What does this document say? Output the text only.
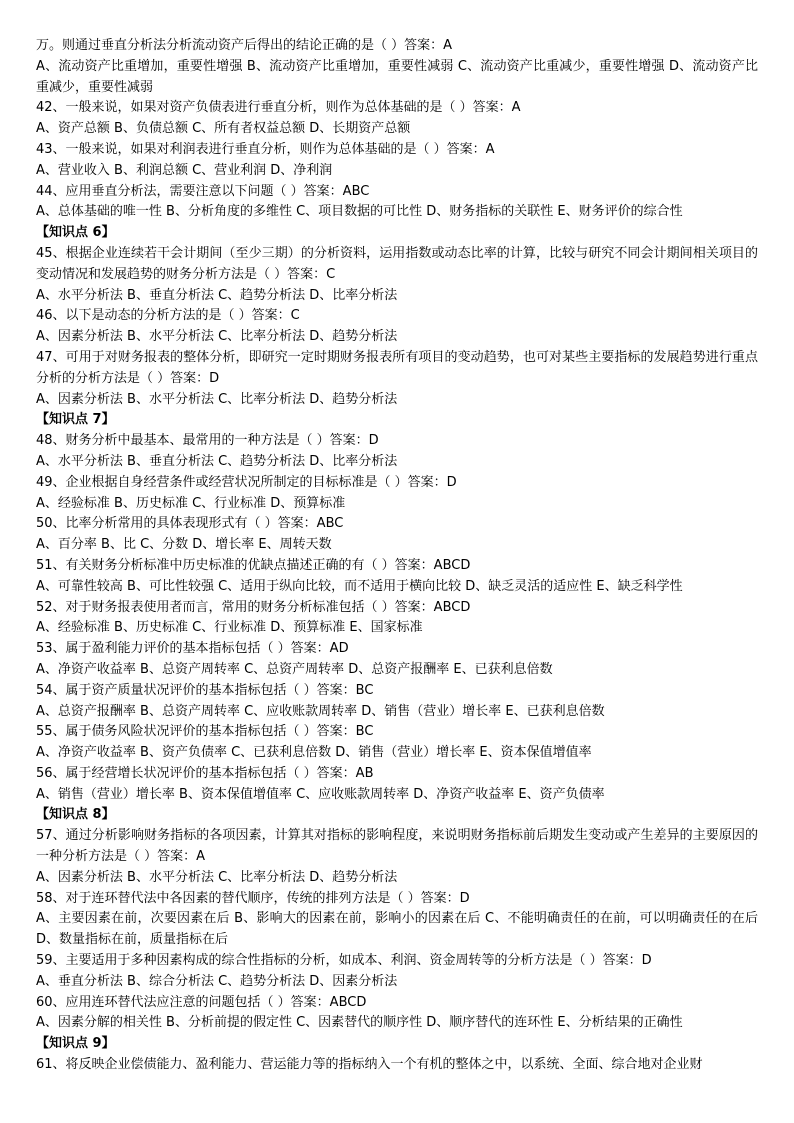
万。则通过垂直分析法分析流动资产后得出的结论正确的是（ ）答案：A
A、流动资产比重增加，重要性增强 B、流动资产比重增加，重要性减弱 C、流动资产比重减少，重要性增强 D、流动资产比重减少，重要性减弱
42、一般来说，如果对资产负债表进行垂直分析，则作为总体基础的是（ ）答案：A
A、资产总额 B、负债总额 C、所有者权益总额 D、长期资产总额
43、一般来说，如果对利润表进行垂直分析，则作为总体基础的是（ ）答案：A
A、营业收入 B、利润总额 C、营业利润 D、净利润
44、应用垂直分析法，需要注意以下问题（ ）答案：ABC
A、总体基础的唯一性 B、分析角度的多维性 C、项目数据的可比性 D、财务指标的关联性 E、财务评价的综合性
【知识点 6】
45、根据企业连续若干会计期间（至少三期）的分析资料，运用指数或动态比率的计算，比较与研究不同会计期间相关项目的变动情况和发展趋势的财务分析方法是（ ）答案：C
A、水平分析法 B、垂直分析法 C、趋势分析法 D、比率分析法
46、以下是动态的分析方法的是（ ）答案：C
A、因素分析法 B、水平分析法 C、比率分析法 D、趋势分析法
47、可用于对财务报表的整体分析，即研究一定时期财务报表所有项目的变动趋势，也可对某些主要指标的发展趋势进行重点分析的分析方法是（ ）答案：D
A、因素分析法 B、水平分析法 C、比率分析法 D、趋势分析法
【知识点 7】
48、财务分析中最基本、最常用的一种方法是（ ）答案：D
A、水平分析法 B、垂直分析法 C、趋势分析法 D、比率分析法
49、企业根据自身经营条件或经营状况所制定的目标标准是（ ）答案：D
A、经验标准 B、历史标准 C、行业标准 D、预算标准
50、比率分析常用的具体表现形式有（ ）答案：ABC
A、百分率 B、比 C、分数 D、增长率 E、周转天数
51、有关财务分析标准中历史标准的优缺点描述正确的有（ ）答案：ABCD
A、可靠性较高 B、可比性较强 C、适用于纵向比较，而不适用于横向比较 D、缺乏灵活的适应性 E、缺乏科学性
52、对于财务报表使用者而言，常用的财务分析标准包括（ ）答案：ABCD
A、经验标准 B、历史标准 C、行业标准 D、预算标准 E、国家标准
53、属于盈利能力评价的基本指标包括（ ）答案：AD
A、净资产收益率 B、总资产周转率 C、总资产周转率 D、总资产报酬率 E、已获利息倍数
54、属于资产质量状况评价的基本指标包括（ ）答案：BC
A、总资产报酬率 B、总资产周转率 C、应收账款周转率 D、销售（营业）增长率 E、已获利息倍数
55、属于债务风险状况评价的基本指标包括（ ）答案：BC
A、净资产收益率 B、资产负债率 C、已获利息倍数 D、销售（营业）增长率 E、资本保值增值率
56、属于经营增长状况评价的基本指标包括（ ）答案：AB
A、销售（营业）增长率 B、资本保值增值率 C、应收账款周转率 D、净资产收益率 E、资产负债率
【知识点 8】
57、通过分析影响财务指标的各项因素，计算其对指标的影响程度，来说明财务指标前后期发生变动或产生差异的主要原因的一种分析方法是（ ）答案：A
A、因素分析法 B、水平分析法 C、比率分析法 D、趋势分析法
58、对于连环替代法中各因素的替代顺序，传统的排列方法是（ ）答案：D
A、主要因素在前，次要因素在后 B、影响大的因素在前，影响小的因素在后 C、不能明确责任的在前，可以明确责任的在后 D、数量指标在前，质量指标在后
59、主要适用于多种因素构成的综合性指标的分析，如成本、利润、资金周转等的分析方法是（ ）答案：D
A、垂直分析法 B、综合分析法 C、趋势分析法 D、因素分析法
60、应用连环替代法应注意的问题包括（ ）答案：ABCD
A、因素分解的相关性 B、分析前提的假定性 C、因素替代的顺序性 D、顺序替代的连环性 E、分析结果的正确性
【知识点 9】
61、将反映企业偿债能力、盈利能力、营运能力等的指标纳入一个有机的整体之中，以系统、全面、综合地对企业财
